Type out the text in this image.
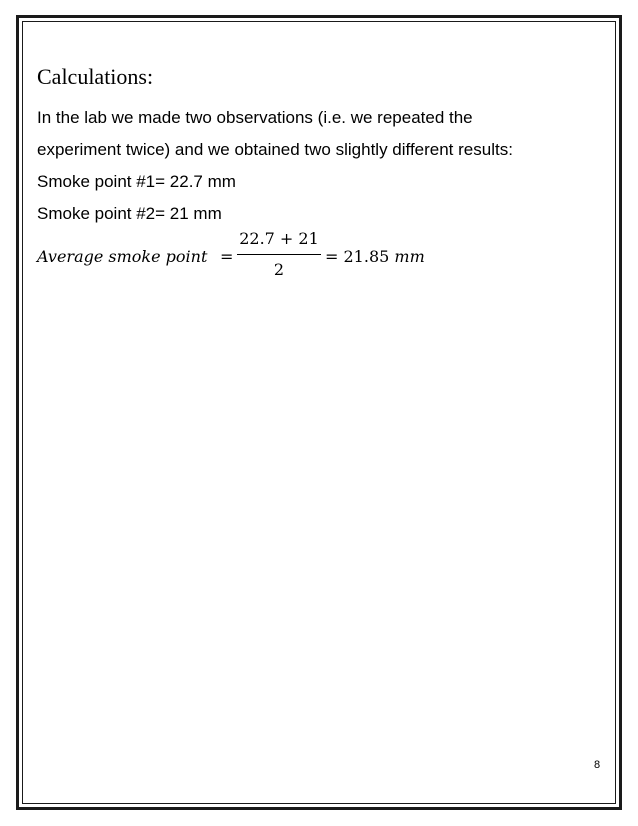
Calculations:
In the lab we made two observations (i.e. we repeated the
experiment twice) and we obtained two slightly different results:
Smoke point #1= 22.7 mm
Smoke point #2= 21 mm
Average smoke point =
22.7 + 21
2
= 21.85 mm
8
